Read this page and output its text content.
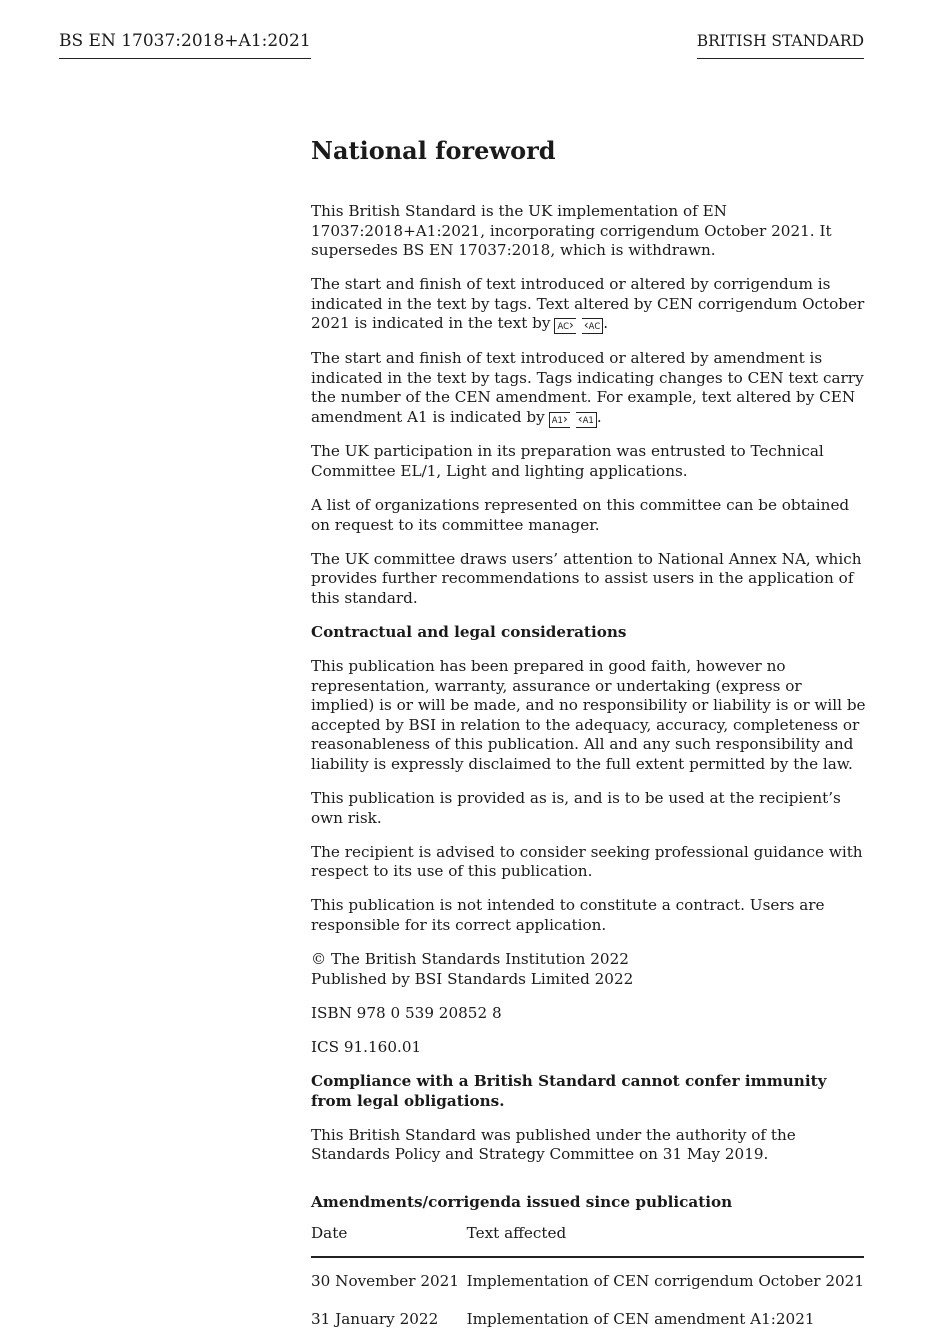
BS EN 17037:2018+A1:2021	BRITISH STANDARD
National foreword

This British Standard is the UK implementation of EN 17037:2018+A1:2021, incorporating corrigendum October 2021. It supersedes BS EN 17037:2018, which is withdrawn.

The start and finish of text introduced or altered by corrigendum is indicated in the text by tags. Text altered by CEN corrigendum October 2021 is indicated in the text by AC › ‹ AC .

The start and finish of text introduced or altered by amendment is indicated in the text by tags. Tags indicating changes to CEN text carry the number of the CEN amendment. For example, text altered by CEN amendment A1 is indicated by A1 › ‹ A1 .

The UK participation in its preparation was entrusted to Technical Committee EL/1, Light and lighting applications.

A list of organizations represented on this committee can be obtained on request to its committee manager.

The UK committee draws users’ attention to National Annex NA, which provides further recommendations to assist users in the application of this standard.

Contractual and legal considerations

This publication has been prepared in good faith, however no representation, warranty, assurance or undertaking (express or implied) is or will be made, and no responsibility or liability is or will be accepted by BSI in relation to the adequacy, accuracy, completeness or reasonableness of this publication. All and any such responsibility and liability is expressly disclaimed to the full extent permitted by the law.

This publication is provided as is, and is to be used at the recipient’s own risk.

The recipient is advised to consider seeking professional guidance with respect to its use of this publication.

This publication is not intended to constitute a contract. Users are responsible for its correct application.

© The British Standards Institution 2022
Published by BSI Standards Limited 2022

ISBN 978 0 539 20852 8

ICS 91.160.01

Compliance with a British Standard cannot confer immunity from legal obligations.

This British Standard was published under the authority of the Standards Policy and Strategy Committee on 31 May 2019.

Amendments/corrigenda issued since publication
Date	Text affected
30 November 2021	Implementation of CEN corrigendum October 2021
31 January 2022	Implementation of CEN amendment A1:2021
